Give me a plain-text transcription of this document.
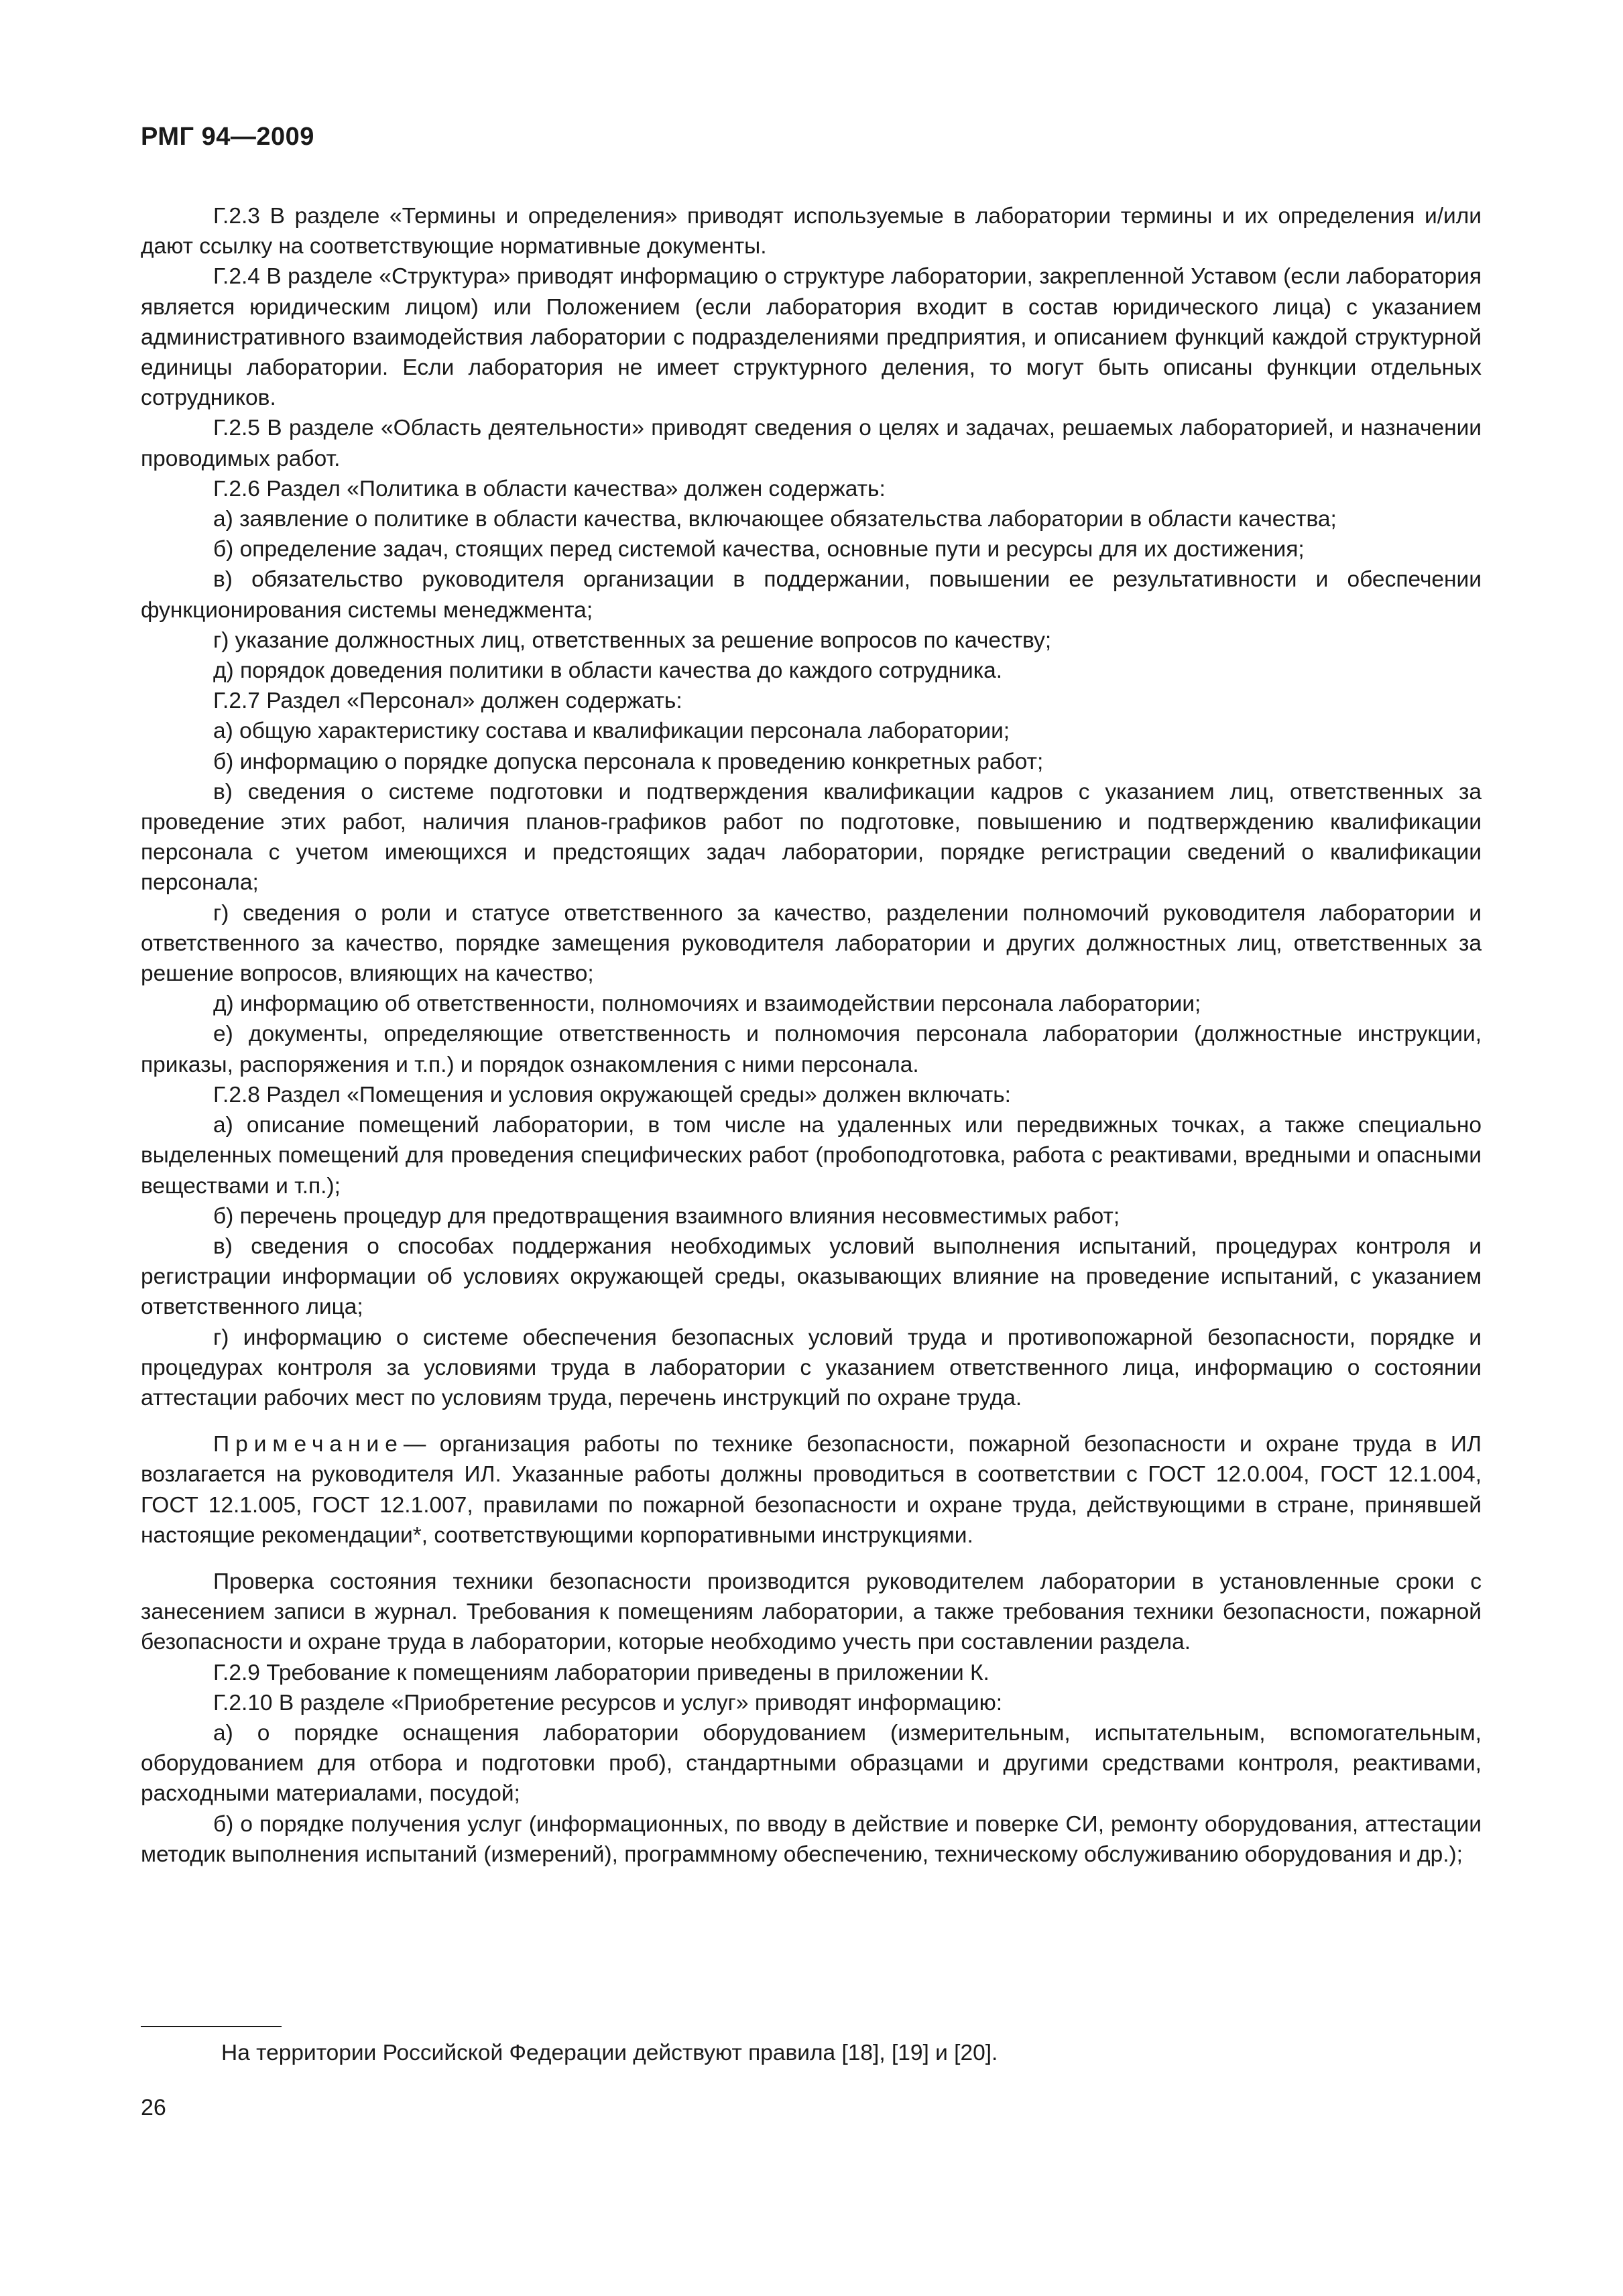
РМГ 94—2009

Г.2.3 В разделе «Термины и определения» приводят используемые в лаборатории термины и их определения и/или дают ссылку на соответствующие нормативные документы.

Г.2.4 В разделе «Структура» приводят информацию о структуре лаборатории, закрепленной Уставом (если лаборатория является юридическим лицом) или Положением (если лаборатория входит в состав юридического лица) с указанием административного взаимодействия лаборатории с подразделениями предприятия, и описанием функций каждой структурной единицы лаборатории. Если лаборатория не имеет структурного деления, то могут быть описаны функции отдельных сотрудников.

Г.2.5 В разделе «Область деятельности» приводят сведения о целях и задачах, решаемых лабораторией, и назначении проводимых работ.

Г.2.6 Раздел «Политика в области качества» должен содержать:

а) заявление о политике в области качества, включающее обязательства лаборатории в области качества;

б) определение задач, стоящих перед системой качества, основные пути и ресурсы для их достижения;

в) обязательство руководителя организации в поддержании, повышении ее результативности и обеспечении функционирования системы менеджмента;

г) указание должностных лиц, ответственных за решение вопросов по качеству;

д) порядок доведения политики в области качества до каждого сотрудника.

Г.2.7 Раздел «Персонал» должен содержать:

а) общую характеристику состава и квалификации персонала лаборатории;

б) информацию о порядке допуска персонала к проведению конкретных работ;

в) сведения о системе подготовки и подтверждения квалификации кадров с указанием лиц, ответственных за проведение этих работ, наличия планов-графиков работ по подготовке, повышению и подтверждению квалификации персонала с учетом имеющихся и предстоящих задач лаборатории, порядке регистрации сведений о квалификации персонала;

г) сведения о роли и статусе ответственного за качество, разделении полномочий руководителя лаборатории и ответственного за качество, порядке замещения руководителя лаборатории и других должностных лиц, ответственных за решение вопросов, влияющих на качество;

д) информацию об ответственности, полномочиях и взаимодействии персонала лаборатории;

е) документы, определяющие ответственность и полномочия персонала лаборатории (должностные инструкции, приказы, распоряжения и т.п.) и порядок ознакомления с ними персонала.

Г.2.8 Раздел «Помещения и условия окружающей среды» должен включать:

а) описание помещений лаборатории, в том числе на удаленных или передвижных точках, а также специально выделенных помещений для проведения специфических работ (пробоподготовка, работа с реактивами, вредными и опасными веществами и т.п.);

б) перечень процедур для предотвращения взаимного влияния несовместимых работ;

в) сведения о способах поддержания необходимых условий выполнения испытаний, процедурах контроля и регистрации информации об условиях окружающей среды, оказывающих влияние на проведение испытаний, с указанием ответственного лица;

г) информацию о системе обеспечения безопасных условий труда и противопожарной безопасности, порядке и процедурах контроля за условиями труда в лаборатории с указанием ответственного лица, информацию о состоянии аттестации рабочих мест по условиям труда, перечень инструкций по охране труда.

Примечание— организация работы по технике безопасности, пожарной безопасности и охране труда в ИЛ возлагается на руководителя ИЛ. Указанные работы должны проводиться в соответствии с ГОСТ 12.0.004, ГОСТ 12.1.004, ГОСТ 12.1.005, ГОСТ 12.1.007, правилами по пожарной безопасности и охране труда, действующими в стране, принявшей настоящие рекомендации*, соответствующими корпоративными инструкциями.

Проверка состояния техники безопасности производится руководителем лаборатории в установленные сроки с занесением записи в журнал. Требования к помещениям лаборатории, а также требования техники безопасности, пожарной безопасности и охране труда в лаборатории, которые необходимо учесть при составлении раздела.

Г.2.9 Требование к помещениям лаборатории приведены в приложении К.

Г.2.10 В разделе «Приобретение ресурсов и услуг» приводят информацию:

а) о порядке оснащения лаборатории оборудованием (измерительным, испытательным, вспомогательным, оборудованием для отбора и подготовки проб), стандартными образцами и другими средствами контроля, реактивами, расходными материалами, посудой;

б) о порядке получения услуг (информационных, по вводу в действие и поверке СИ, ремонту оборудования, аттестации методик выполнения испытаний (измерений), программному обеспечению, техническому обслуживанию оборудования и др.);

На территории Российской Федерации действуют правила [18], [19] и [20].
26
